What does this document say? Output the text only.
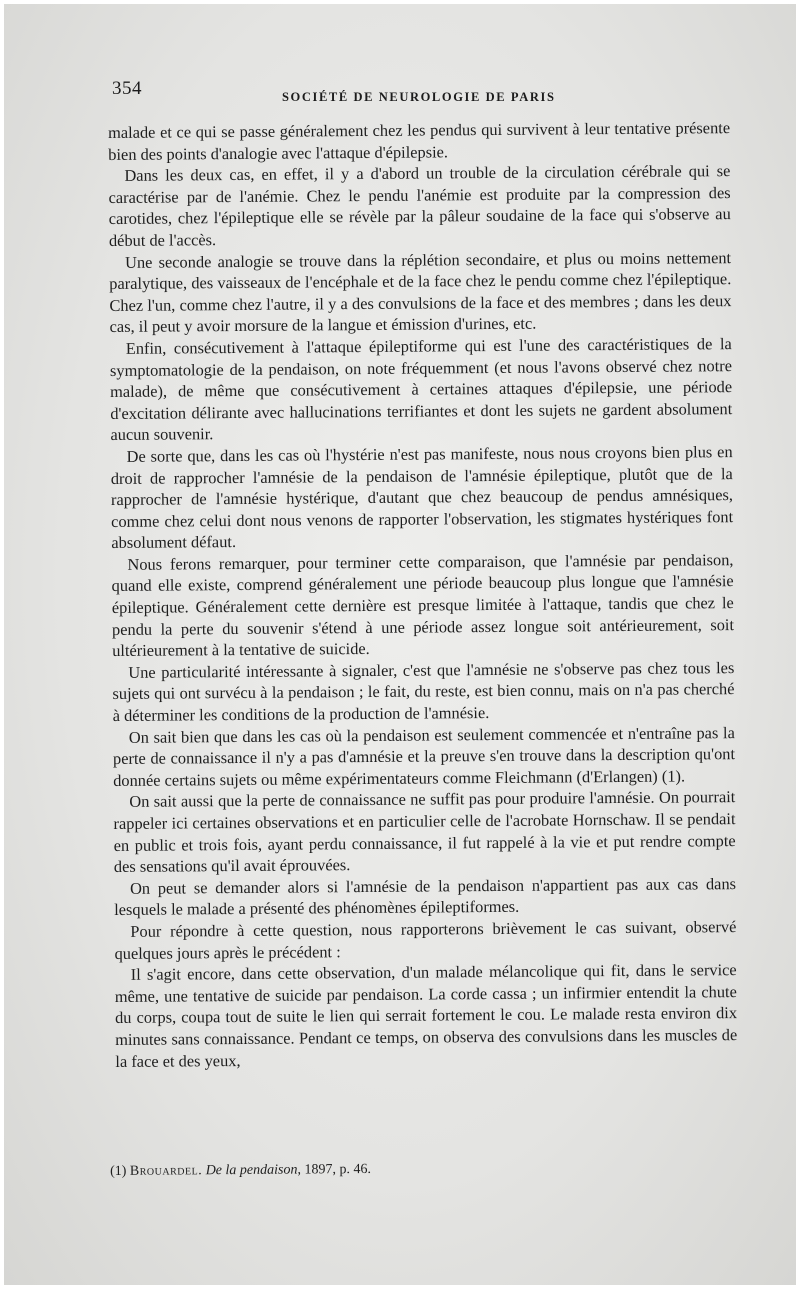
354	SOCIÉTÉ DE NEUROLOGIE DE PARIS

malade et ce qui se passe généralement chez les pendus qui survivent à leur tentative présente bien des points d'analogie avec l'attaque d'épilepsie.

Dans les deux cas, en effet, il y a d'abord un trouble de la circulation cérébrale qui se caractérise par de l'anémie. Chez le pendu l'anémie est produite par la compression des carotides, chez l'épileptique elle se révèle par la pâleur soudaine de la face qui s'observe au début de l'accès.

Une seconde analogie se trouve dans la réplétion secondaire, et plus ou moins nettement paralytique, des vaisseaux de l'encéphale et de la face chez le pendu comme chez l'épileptique. Chez l'un, comme chez l'autre, il y a des convulsions de la face et des membres ; dans les deux cas, il peut y avoir morsure de la langue et émission d'urines, etc.

Enfin, consécutivement à l'attaque épileptiforme qui est l'une des caractéristiques de la symptomatologie de la pendaison, on note fréquemment (et nous l'avons observé chez notre malade), de même que consécutivement à certaines attaques d'épilepsie, une période d'excitation délirante avec hallucinations terrifiantes et dont les sujets ne gardent absolument aucun souvenir.

De sorte que, dans les cas où l'hystérie n'est pas manifeste, nous nous croyons bien plus en droit de rapprocher l'amnésie de la pendaison de l'amnésie épileptique, plutôt que de la rapprocher de l'amnésie hystérique, d'autant que chez beaucoup de pendus amnésiques, comme chez celui dont nous venons de rapporter l'observation, les stigmates hystériques font absolument défaut.

Nous ferons remarquer, pour terminer cette comparaison, que l'amnésie par pendaison, quand elle existe, comprend généralement une période beaucoup plus longue que l'amnésie épileptique. Généralement cette dernière est presque limitée à l'attaque, tandis que chez le pendu la perte du souvenir s'étend à une période assez longue soit antérieurement, soit ultérieurement à la tentative de suicide.

Une particularité intéressante à signaler, c'est que l'amnésie ne s'observe pas chez tous les sujets qui ont survécu à la pendaison ; le fait, du reste, est bien connu, mais on n'a pas cherché à déterminer les conditions de la production de l'amnésie.

On sait bien que dans les cas où la pendaison est seulement commencée et n'entraîne pas la perte de connaissance il n'y a pas d'amnésie et la preuve s'en trouve dans la description qu'ont donnée certains sujets ou même expérimentateurs comme Fleichmann (d'Erlangen) (1).

On sait aussi que la perte de connaissance ne suffit pas pour produire l'amnésie. On pourrait rappeler ici certaines observations et en particulier celle de l'acrobate Hornschaw. Il se pendait en public et trois fois, ayant perdu connaissance, il fut rappelé à la vie et put rendre compte des sensations qu'il avait éprouvées.

On peut se demander alors si l'amnésie de la pendaison n'appartient pas aux cas dans lesquels le malade a présenté des phénomènes épileptiformes.

Pour répondre à cette question, nous rapporterons brièvement le cas suivant, observé quelques jours après le précédent :

Il s'agit encore, dans cette observation, d'un malade mélancolique qui fit, dans le service même, une tentative de suicide par pendaison. La corde cassa ; un infirmier entendit la chute du corps, coupa tout de suite le lien qui serrait fortement le cou. Le malade resta environ dix minutes sans connaissance. Pendant ce temps, on observa des convulsions dans les muscles de la face et des yeux,

(1) Brouardel. De la pendaison, 1897, p. 46.
